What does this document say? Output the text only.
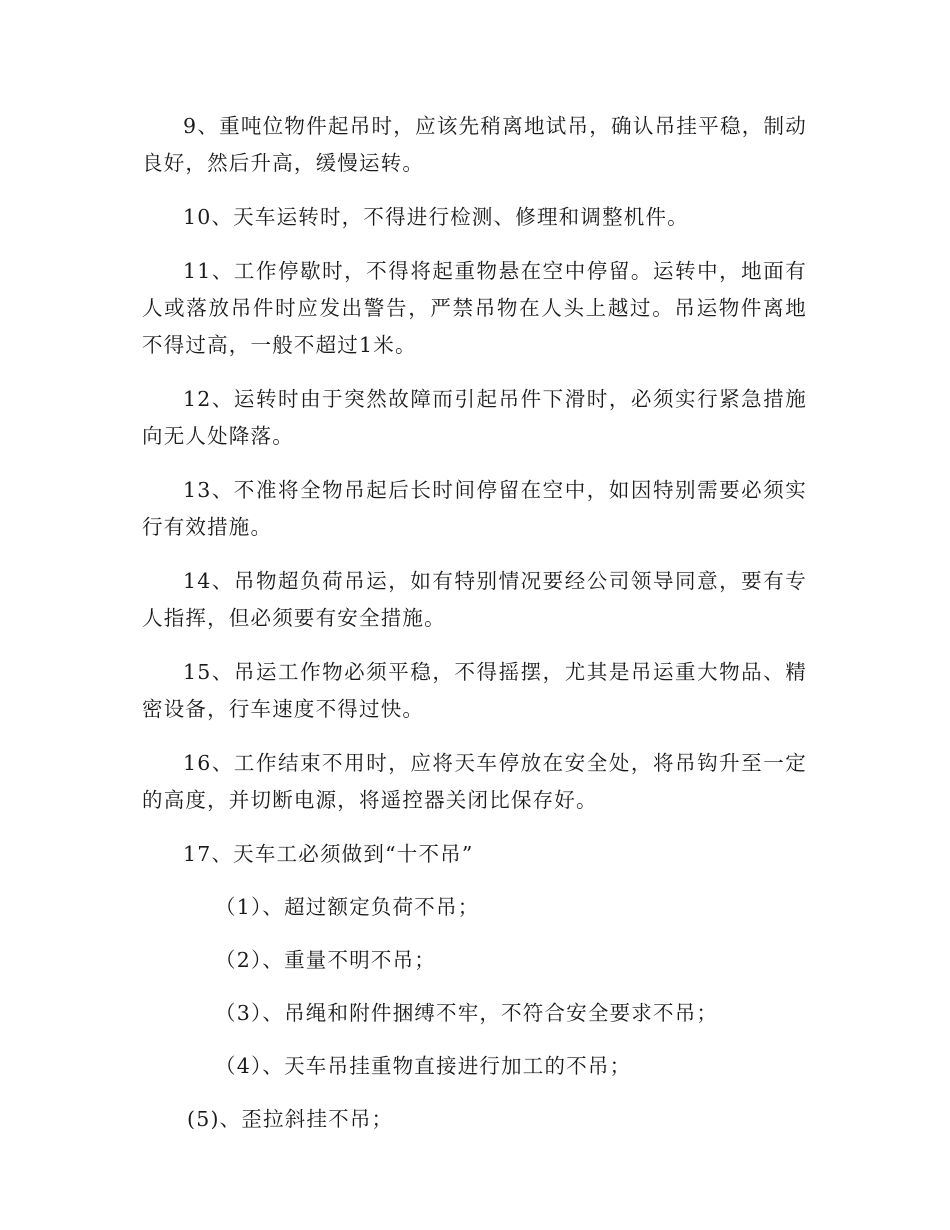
9、重吨位物件起吊时，应该先稍离地试吊，确认吊挂平稳，制动良好，然后升高，缓慢运转。

10、天车运转时，不得进行检测、修理和调整机件。

11、工作停歇时，不得将起重物悬在空中停留。运转中，地面有人或落放吊件时应发出警告，严禁吊物在人头上越过。吊运物件离地不得过高，一般不超过1米。

12、运转时由于突然故障而引起吊件下滑时，必须实行紧急措施向无人处降落。

13、不准将全物吊起后长时间停留在空中，如因特别需要必须实行有效措施。

14、吊物超负荷吊运，如有特别情况要经公司领导同意，要有专人指挥，但必须要有安全措施。

15、吊运工作物必须平稳，不得摇摆，尤其是吊运重大物品、精密设备，行车速度不得过快。

16、工作结束不用时，应将天车停放在安全处，将吊钩升至一定的高度，并切断电源，将遥控器关闭比保存好。

17、天车工必须做到“十不吊”

（1）、超过额定负荷不吊；

（2）、重量不明不吊；

（3）、吊绳和附件捆缚不牢，不符合安全要求不吊；

（4）、天车吊挂重物直接进行加工的不吊；

(5)、歪拉斜挂不吊；
